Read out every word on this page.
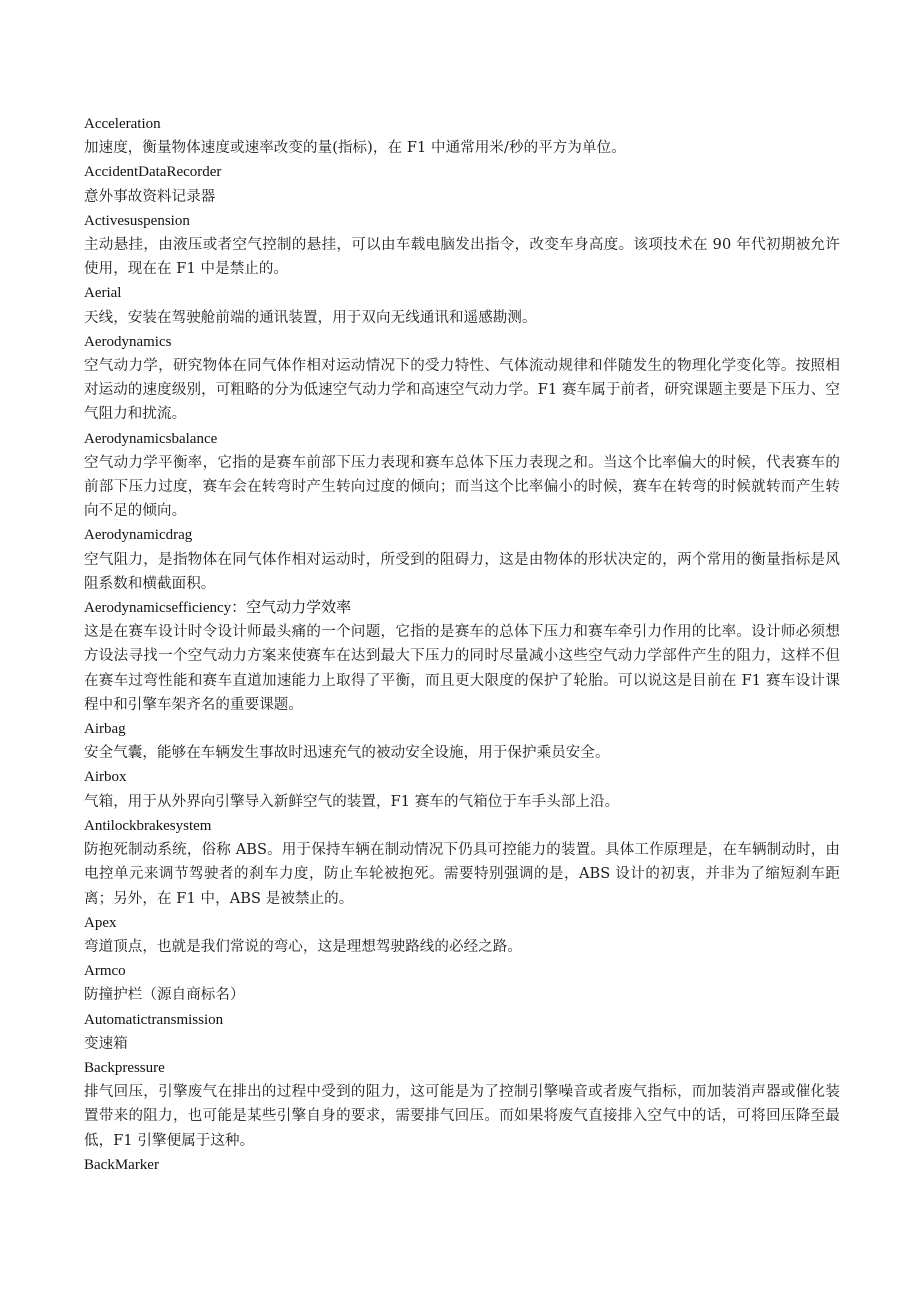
Acceleration
加速度，衡量物体速度或速率改变的量(指标)，在 F1 中通常用米/秒的平方为单位。
AccidentDataRecorder
意外事故资料记录器
Activesuspension
主动悬挂，由液压或者空气控制的悬挂，可以由车载电脑发出指令，改变车身高度。该项技术在 90 年代初期被允许使用，现在在 F1 中是禁止的。
Aerial
天线，安装在驾驶舱前端的通讯装置，用于双向无线通讯和遥感勘测。
Aerodynamics
空气动力学，研究物体在同气体作相对运动情况下的受力特性、气体流动规律和伴随发生的物理化学变化等。按照相对运动的速度级别，可粗略的分为低速空气动力学和高速空气动力学。F1 赛车属于前者，研究课题主要是下压力、空气阻力和扰流。
Aerodynamicsbalance
空气动力学平衡率，它指的是赛车前部下压力表现和赛车总体下压力表现之和。当这个比率偏大的时候，代表赛车的前部下压力过度，赛车会在转弯时产生转向过度的倾向；而当这个比率偏小的时候，赛车在转弯的时候就转而产生转向不足的倾向。
Aerodynamicdrag
空气阻力，是指物体在同气体作相对运动时，所受到的阻碍力，这是由物体的形状决定的，两个常用的衡量指标是风阻系数和横截面积。
Aerodynamicsefficiency：空气动力学效率
这是在赛车设计时令设计师最头痛的一个问题，它指的是赛车的总体下压力和赛车牵引力作用的比率。设计师必须想方设法寻找一个空气动力方案来使赛车在达到最大下压力的同时尽量减小这些空气动力学部件产生的阻力，这样不但在赛车过弯性能和赛车直道加速能力上取得了平衡，而且更大限度的保护了轮胎。可以说这是目前在 F1 赛车设计课程中和引擎车架齐名的重要课题。
Airbag
安全气囊，能够在车辆发生事故时迅速充气的被动安全设施，用于保护乘员安全。
Airbox
气箱，用于从外界向引擎导入新鲜空气的装置，F1 赛车的气箱位于车手头部上沿。
Antilockbrakesystem
防抱死制动系统，俗称 ABS。用于保持车辆在制动情况下仍具可控能力的装置。具体工作原理是，在车辆制动时，由电控单元来调节驾驶者的刹车力度，防止车轮被抱死。需要特别强调的是，ABS 设计的初衷，并非为了缩短刹车距离；另外，在 F1 中，ABS 是被禁止的。
Apex
弯道顶点，也就是我们常说的弯心，这是理想驾驶路线的必经之路。
Armco
防撞护栏（源自商标名）
Automatictransmission
变速箱
Backpressure
排气回压，引擎废气在排出的过程中受到的阻力，这可能是为了控制引擎噪音或者废气指标，而加装消声器或催化装置带来的阻力，也可能是某些引擎自身的要求，需要排气回压。而如果将废气直接排入空气中的话，可将回压降至最低，F1 引擎便属于这种。
BackMarker
